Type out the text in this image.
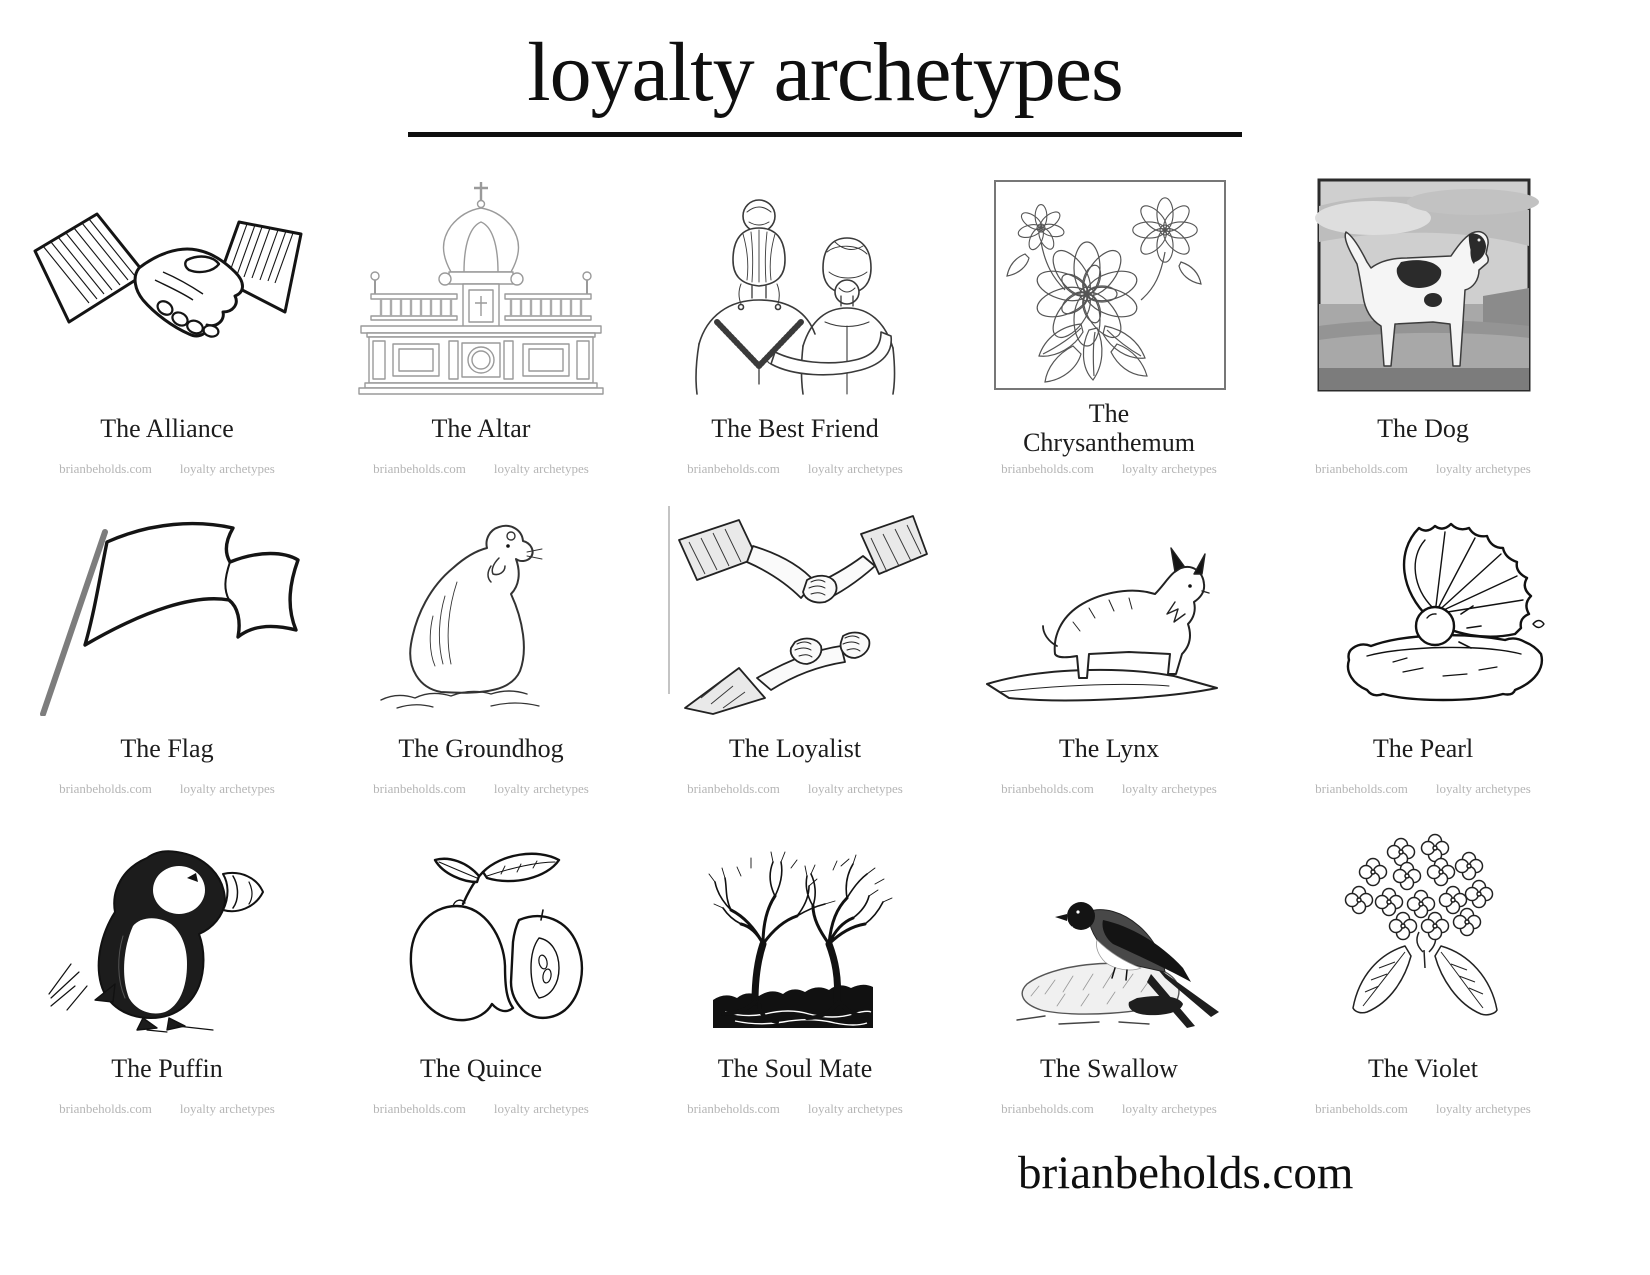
loyalty archetypes
The Alliance
brianbeholds.com loyalty archetypes
The Altar
brianbeholds.com loyalty archetypes
The Best Friend
brianbeholds.com loyalty archetypes
The Chrysanthemum
brianbeholds.com loyalty archetypes
The Dog
brianbeholds.com loyalty archetypes
The Flag
brianbeholds.com loyalty archetypes
The Groundhog
brianbeholds.com loyalty archetypes
The Loyalist
brianbeholds.com loyalty archetypes
The Lynx
brianbeholds.com loyalty archetypes
The Pearl
brianbeholds.com loyalty archetypes
The Puffin
brianbeholds.com loyalty archetypes
The Quince
brianbeholds.com loyalty archetypes
The Soul Mate
brianbeholds.com loyalty archetypes
The Swallow
brianbeholds.com loyalty archetypes
The Violet
brianbeholds.com loyalty archetypes
brianbeholds.com
